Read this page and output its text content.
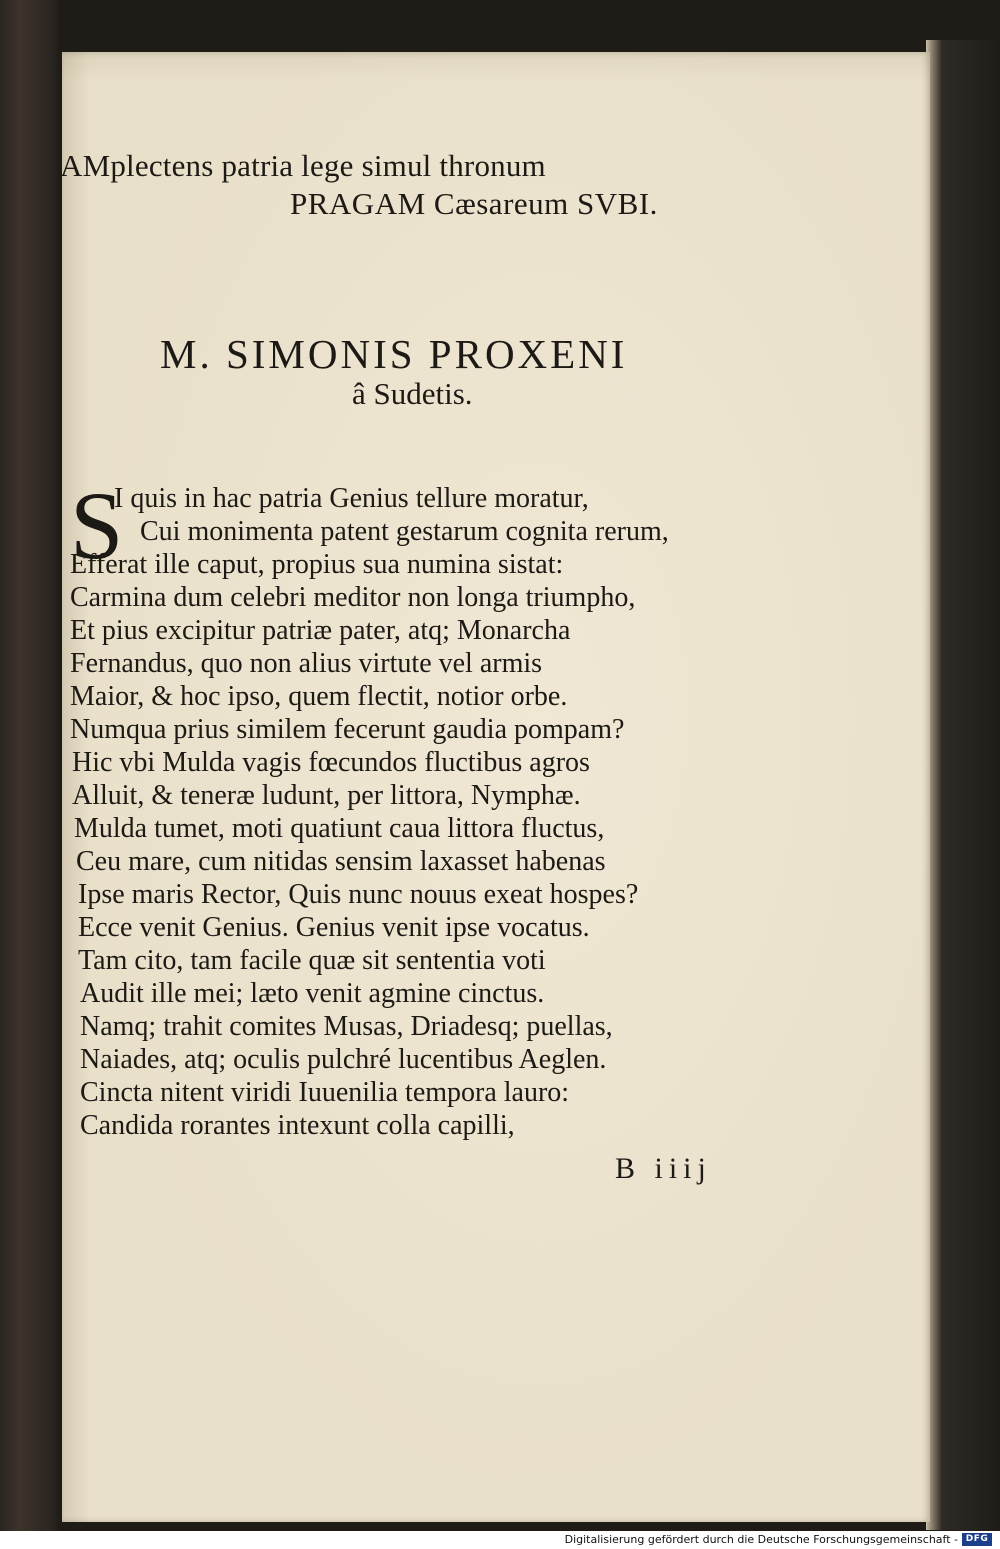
AMplectens patria lege simul thronum
PRAGAM Cæsareum SVBI.
M. SIMONIS PROXENI
â Sudetis.
S
I quis in hac patria Genius tellure moratur,
Cui monimenta patent gestarum cognita rerum,
Efferat ille caput, propius sua numina sistat:
Carmina dum celebri meditor non longa triumpho,
Et pius excipitur patriæ pater, atq; Monarcha
Fernandus, quo non alius virtute vel armis
Maior, & hoc ipso, quem flectit, notior orbe.
Numqua prius similem fecerunt gaudia pompam?
Hic vbi Mulda vagis fœcundos fluctibus agros
Alluit, & teneræ ludunt, per littora, Nymphæ.
Mulda tumet, moti quatiunt caua littora fluctus,
Ceu mare, cum nitidas sensim laxasset habenas
Ipse maris Rector, Quis nunc nouus exeat hospes?
Ecce venit Genius. Genius venit ipse vocatus.
Tam cito, tam facile quæ sit sententia voti
Audit ille mei; læto venit agmine cinctus.
Namq; trahit comites Musas, Driadesq; puellas,
Naiades, atq; oculis pulchré lucentibus Aeglen.
Cincta nitent viridi Iuuenilia tempora lauro:
Candida rorantes intexunt colla capilli,
B iiij
Digitalisierung gefördert durch die Deutsche Forschungsgemeinschaft - DFG
